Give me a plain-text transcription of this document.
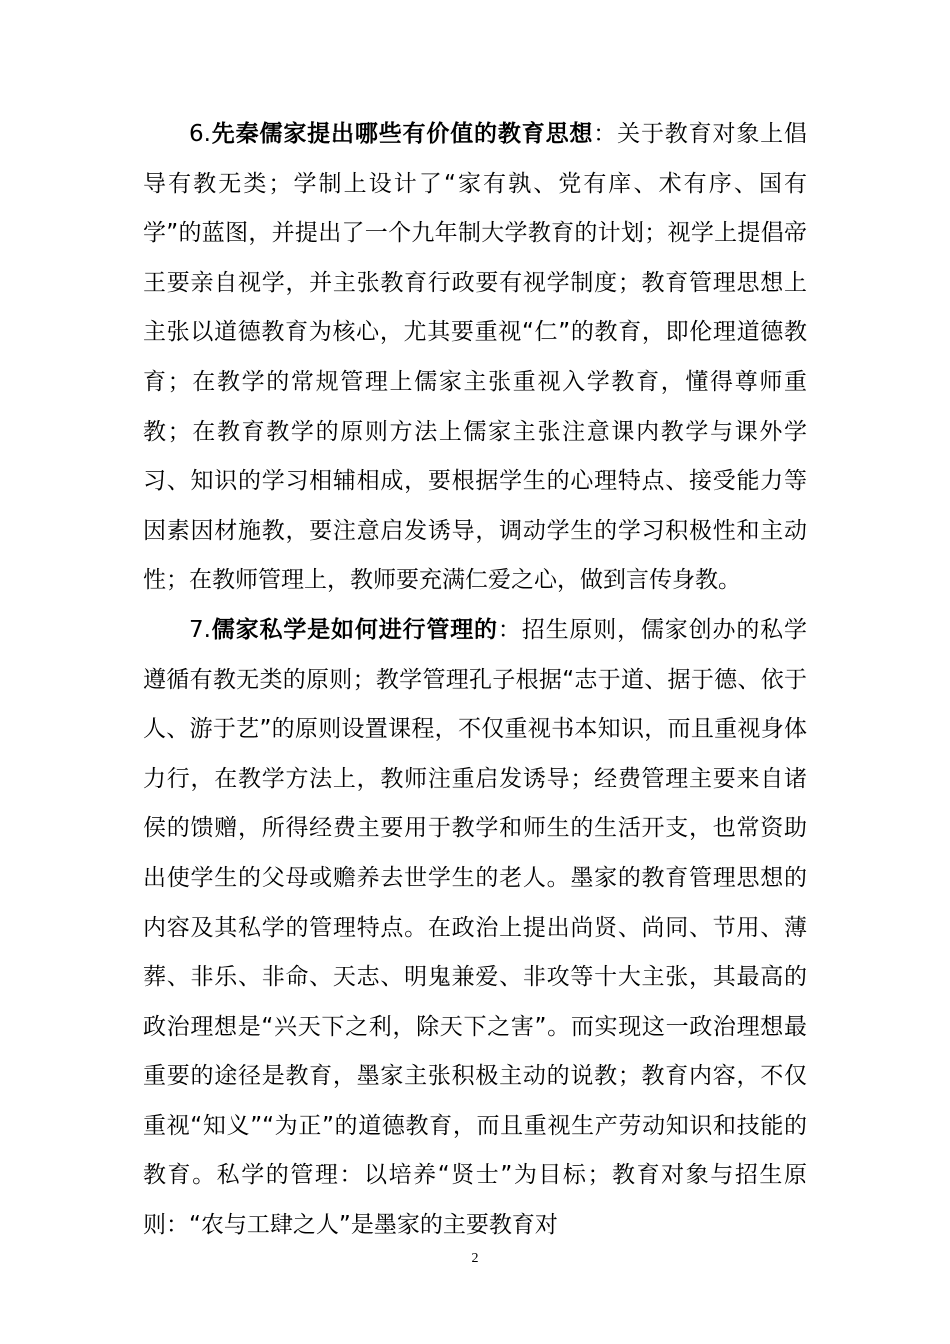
6.先秦儒家提出哪些有价值的教育思想：关于教育对象上倡导有教无类；学制上设计了“家有孰、党有庠、术有序、国有学”的蓝图，并提出了一个九年制大学教育的计划；视学上提倡帝王要亲自视学，并主张教育行政要有视学制度；教育管理思想上主张以道德教育为核心，尤其要重视“仁”的教育，即伦理道德教育；在教学的常规管理上儒家主张重视入学教育，懂得尊师重教；在教育教学的原则方法上儒家主张注意课内教学与课外学习、知识的学习相辅相成，要根据学生的心理特点、接受能力等因素因材施教，要注意启发诱导，调动学生的学习积极性和主动性；在教师管理上，教师要充满仁爱之心，做到言传身教。

7.儒家私学是如何进行管理的：招生原则，儒家创办的私学遵循有教无类的原则；教学管理孔子根据“志于道、据于德、依于人、游于艺”的原则设置课程，不仅重视书本知识，而且重视身体力行，在教学方法上，教师注重启发诱导；经费管理主要来自诸侯的馈赠，所得经费主要用于教学和师生的生活开支，也常资助出使学生的父母或赡养去世学生的老人。墨家的教育管理思想的内容及其私学的管理特点。在政治上提出尚贤、尚同、节用、薄葬、非乐、非命、天志、明鬼兼爱、非攻等十大主张，其最高的政治理想是“兴天下之利，除天下之害”。而实现这一政治理想最重要的途径是教育，墨家主张积极主动的说教；教育内容，不仅重视“知义”“为正”的道德教育，而且重视生产劳动知识和技能的教育。私学的管理：以培养“贤士”为目标；教育对象与招生原则：“农与工肆之人”是墨家的主要教育对

2
